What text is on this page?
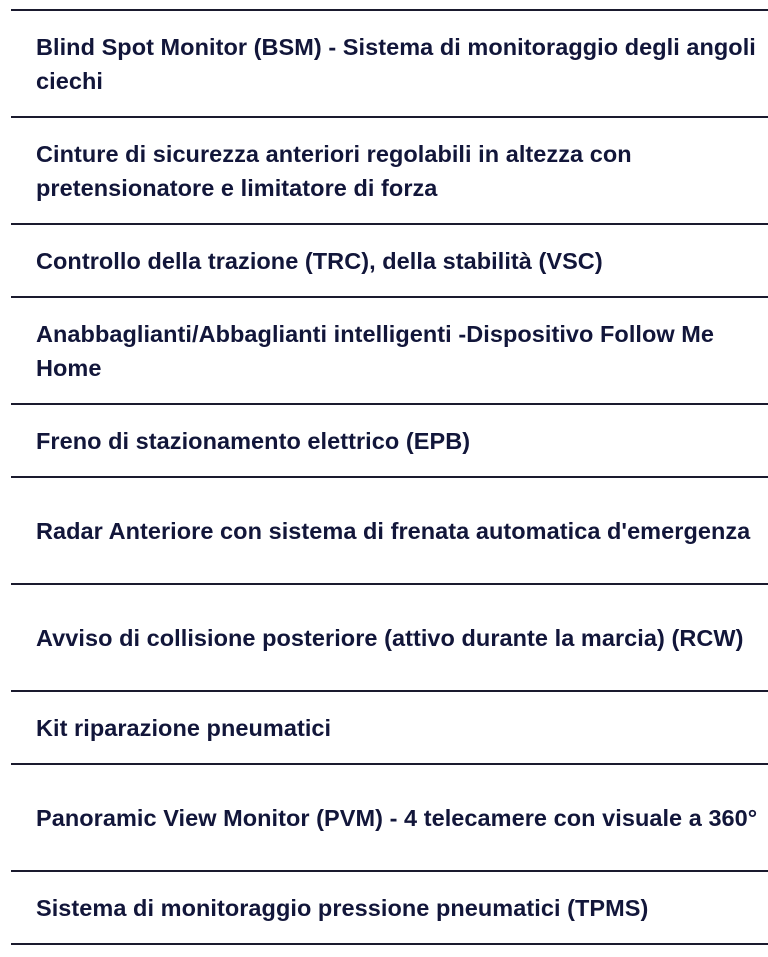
Blind Spot Monitor (BSM) - Sistema di monitoraggio degli angoli ciechi
Cinture di sicurezza anteriori regolabili in altezza con pretensionatore e limitatore di forza
Controllo della trazione (TRC), della stabilità (VSC)
Anabbaglianti/Abbaglianti intelligenti -Dispositivo Follow Me Home
Freno di stazionamento elettrico (EPB)
Radar Anteriore con sistema di frenata automatica d'emergenza
Avviso di collisione posteriore (attivo durante la marcia) (RCW)
Kit riparazione pneumatici
Panoramic View Monitor (PVM) - 4 telecamere con visuale a 360°
Sistema di monitoraggio pressione pneumatici (TPMS)
